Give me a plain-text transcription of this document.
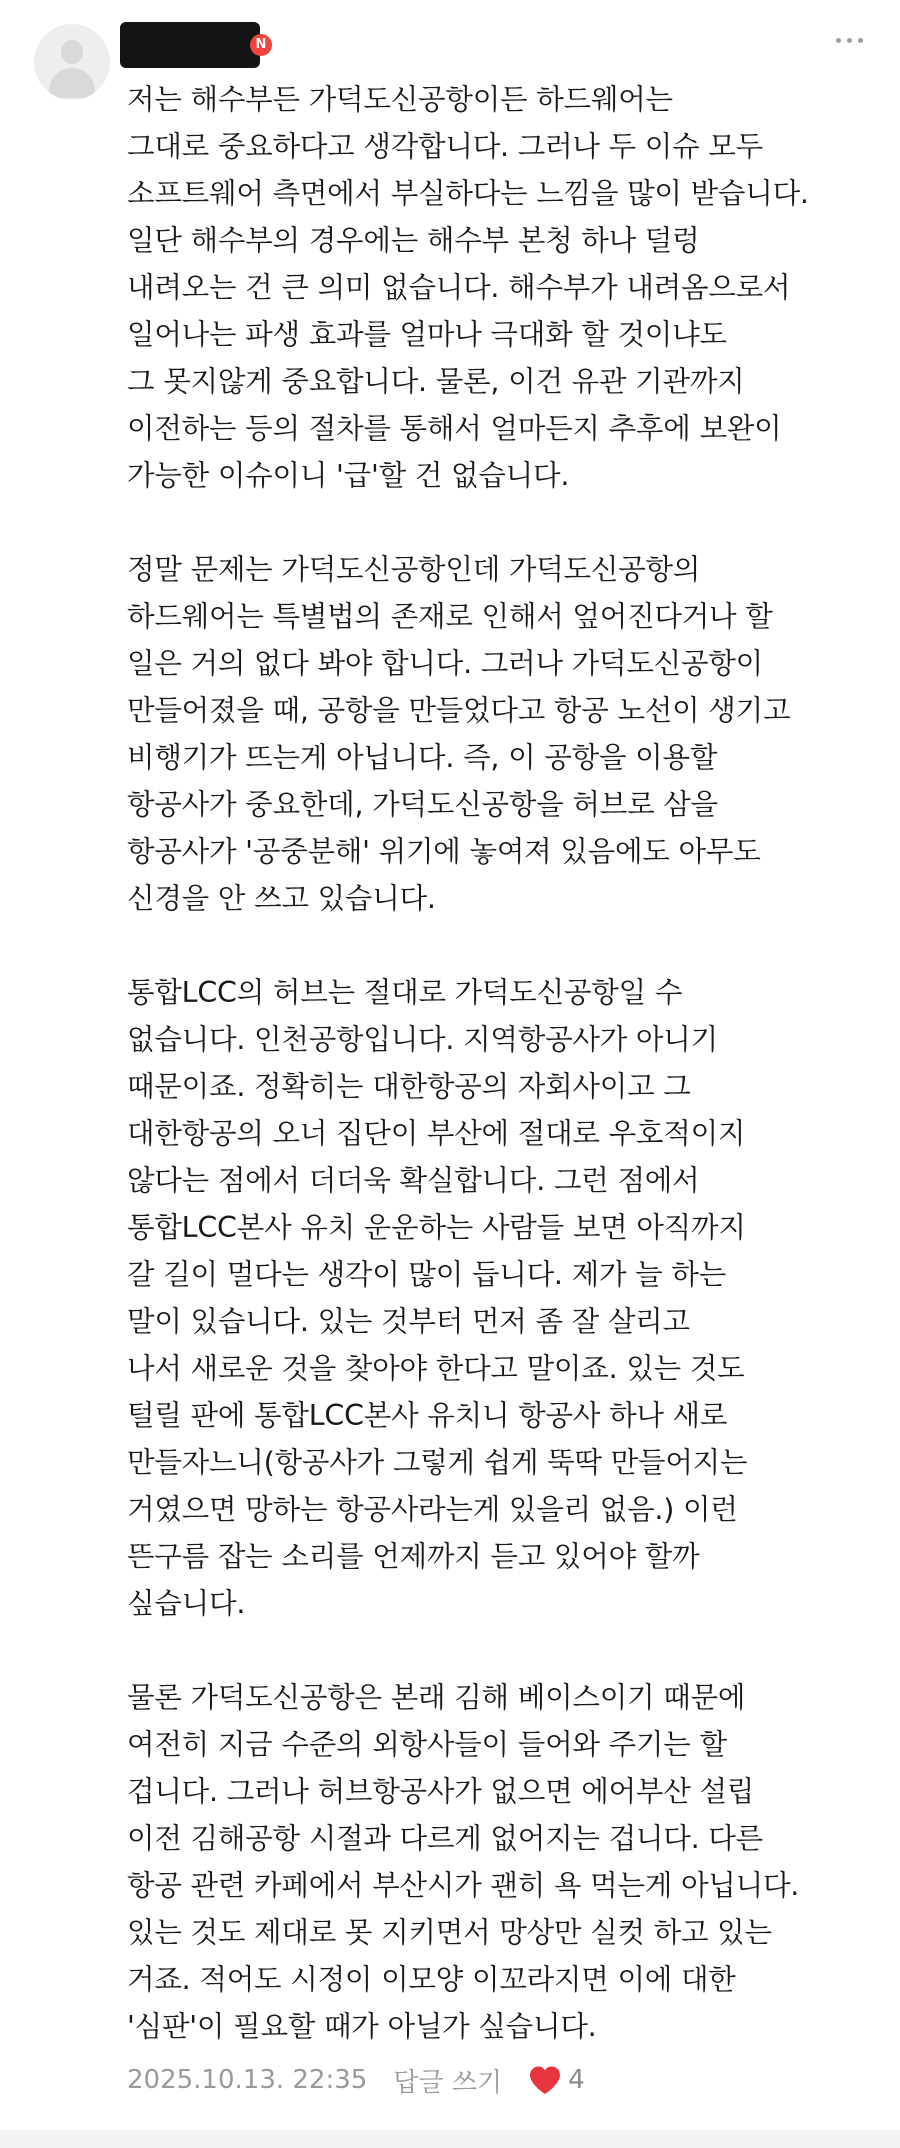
N
저는 해수부든 가덕도신공항이든 하드웨어는
그대로 중요하다고 생각합니다. 그러나 두 이슈 모두
소프트웨어 측면에서 부실하다는 느낌을 많이 받습니다.
일단 해수부의 경우에는 해수부 본청 하나 덜렁
내려오는 건 큰 의미 없습니다. 해수부가 내려옴으로서
일어나는 파생 효과를 얼마나 극대화 할 것이냐도
그 못지않게 중요합니다. 물론, 이건 유관 기관까지
이전하는 등의 절차를 통해서 얼마든지 추후에 보완이
가능한 이슈이니 '급'할 건 없습니다.
정말 문제는 가덕도신공항인데 가덕도신공항의
하드웨어는 특별법의 존재로 인해서 엎어진다거나 할
일은 거의 없다 봐야 합니다. 그러나 가덕도신공항이
만들어졌을 때, 공항을 만들었다고 항공 노선이 생기고
비행기가 뜨는게 아닙니다. 즉, 이 공항을 이용할
항공사가 중요한데, 가덕도신공항을 허브로 삼을
항공사가 '공중분해' 위기에 놓여져 있음에도 아무도
신경을 안 쓰고 있습니다.
통합LCC의 허브는 절대로 가덕도신공항일 수
없습니다. 인천공항입니다. 지역항공사가 아니기
때문이죠. 정확히는 대한항공의 자회사이고 그
대한항공의 오너 집단이 부산에 절대로 우호적이지
않다는 점에서 더더욱 확실합니다. 그런 점에서
통합LCC본사 유치 운운하는 사람들 보면 아직까지
갈 길이 멀다는 생각이 많이 듭니다. 제가 늘 하는
말이 있습니다. 있는 것부터 먼저 좀 잘 살리고
나서 새로운 것을 찾아야 한다고 말이죠. 있는 것도
털릴 판에 통합LCC본사 유치니 항공사 하나 새로
만들자느니(항공사가 그렇게 쉽게 뚝딱 만들어지는
거였으면 망하는 항공사라는게 있을리 없음.) 이런
뜬구름 잡는 소리를 언제까지 듣고 있어야 할까
싶습니다.
물론 가덕도신공항은 본래 김해 베이스이기 때문에
여전히 지금 수준의 외항사들이 들어와 주기는 할
겁니다. 그러나 허브항공사가 없으면 에어부산 설립
이전 김해공항 시절과 다르게 없어지는 겁니다. 다른
항공 관련 카페에서 부산시가 괜히 욕 먹는게 아닙니다.
있는 것도 제대로 못 지키면서 망상만 실컷 하고 있는
거죠. 적어도 시정이 이모양 이꼬라지면 이에 대한
'심판'이 필요할 때가 아닐가 싶습니다.
2025.10.13. 22:35 답글 쓰기	4
